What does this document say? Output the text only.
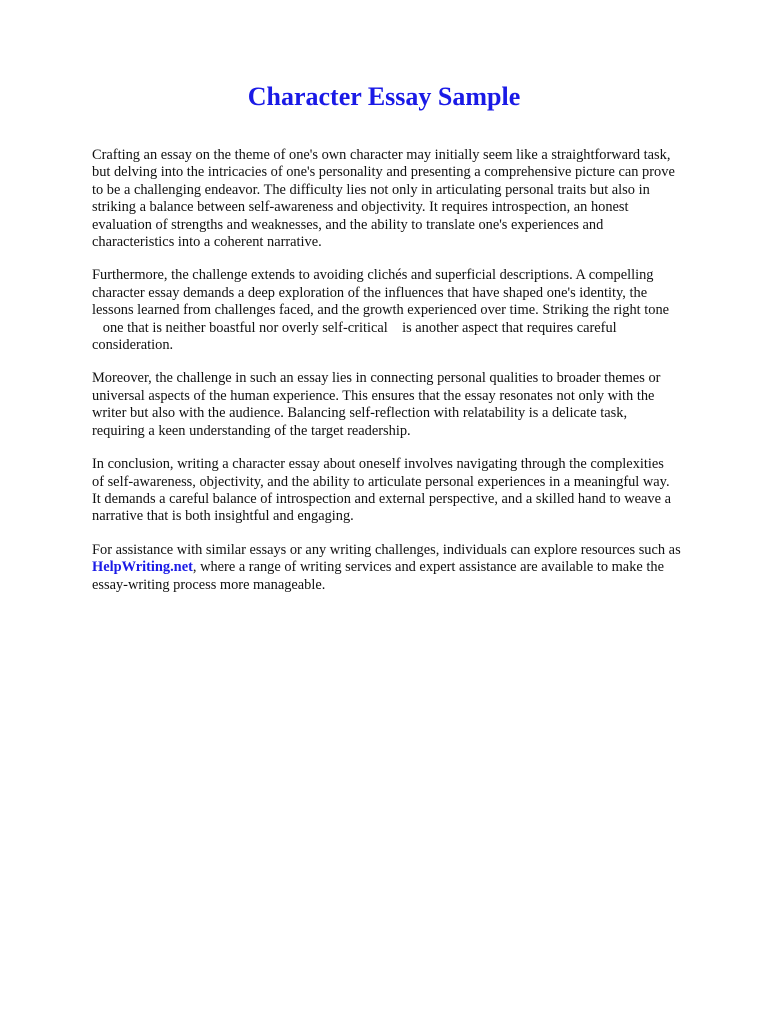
Character Essay Sample

Crafting an essay on the theme of one's own character may initially seem like a straightforward task,
but delving into the intricacies of one's personality and presenting a comprehensive picture can prove
to be a challenging endeavor. The difficulty lies not only in articulating personal traits but also in
striking a balance between self-awareness and objectivity. It requires introspection, an honest
evaluation of strengths and weaknesses, and the ability to translate one's experiences and
characteristics into a coherent narrative.

Furthermore, the challenge extends to avoiding clichés and superficial descriptions. A compelling
character essay demands a deep exploration of the influences that have shaped one's identity, the
lessons learned from challenges faced, and the growth experienced over time. Striking the right tone
one that is neither boastful nor overly self-critical    is another aspect that requires careful
consideration.

Moreover, the challenge in such an essay lies in connecting personal qualities to broader themes or
universal aspects of the human experience. This ensures that the essay resonates not only with the
writer but also with the audience. Balancing self-reflection with relatability is a delicate task,
requiring a keen understanding of the target readership.

In conclusion, writing a character essay about oneself involves navigating through the complexities
of self-awareness, objectivity, and the ability to articulate personal experiences in a meaningful way.
It demands a careful balance of introspection and external perspective, and a skilled hand to weave a
narrative that is both insightful and engaging.

For assistance with similar essays or any writing challenges, individuals can explore resources such as
HelpWriting.net, where a range of writing services and expert assistance are available to make the
essay-writing process more manageable.
